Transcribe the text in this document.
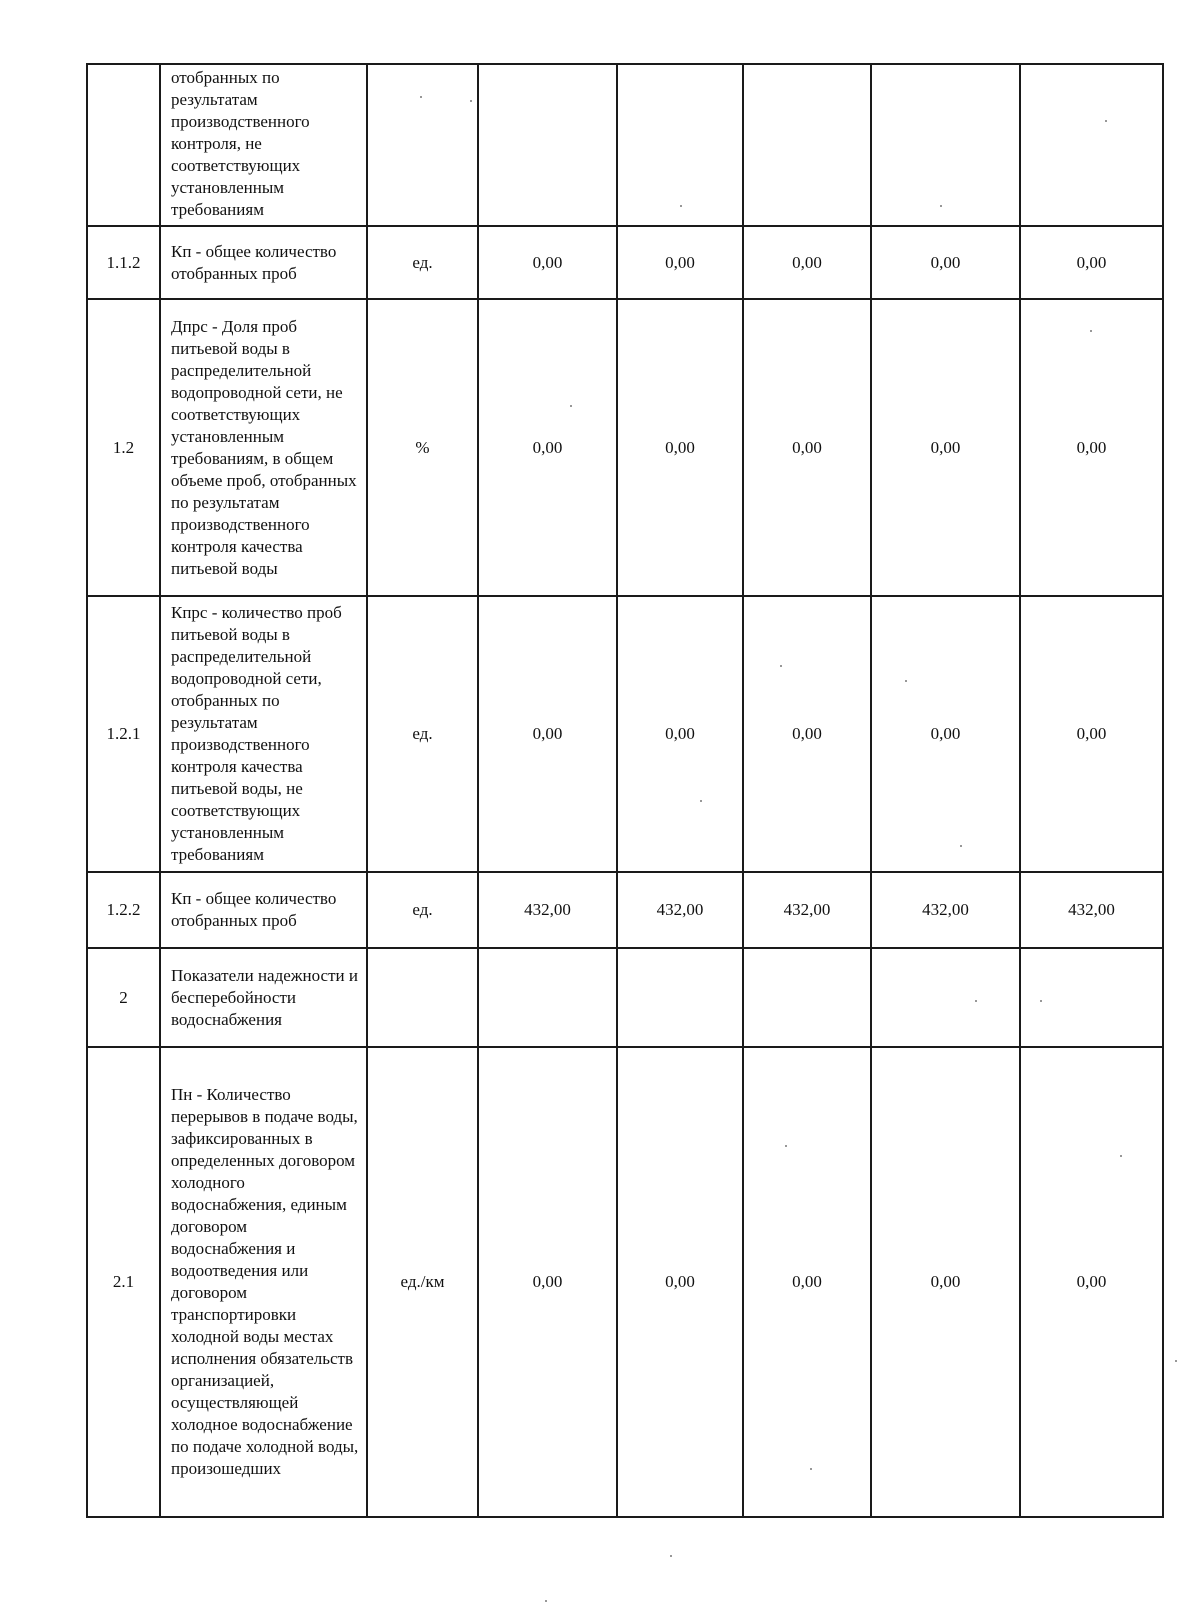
	отобранных по результатам производственного контроля, не соответствующих установленным требованиям						
1.1.2	Кп - общее количество отобранных проб	ед.	0,00	0,00	0,00	0,00	0,00
1.2	Дпрс - Доля проб питьевой воды в распределительной водопроводной сети, не соответствующих установленным требованиям, в общем объеме проб, отобранных по результатам производственного контроля качества питьевой воды	%	0,00	0,00	0,00	0,00	0,00
1.2.1	Кпрс - количество проб питьевой воды в распределительной водопроводной сети, отобранных по результатам производственного контроля качества питьевой воды, не соответствующих установленным требованиям	ед.	0,00	0,00	0,00	0,00	0,00
1.2.2	Кп - общее количество отобранных проб	ед.	432,00	432,00	432,00	432,00	432,00
2	Показатели надежности и бесперебойности водоснабжения						
2.1	Пн - Количество перерывов в подаче воды, зафиксированных в определенных договором холодного водоснабжения, единым договором водоснабжения и водоотведения или договором транспортировки холодной воды местах исполнения обязательств организацией, осуществляющей холодное водоснабжение по подаче холодной воды, произошедших	ед./км	0,00	0,00	0,00	0,00	0,00
